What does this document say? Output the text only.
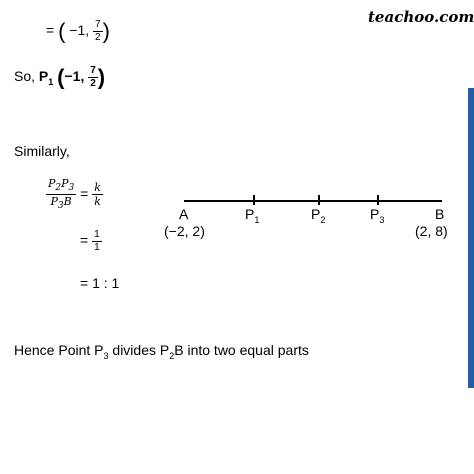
teachoo.com
= ( −1, $\frac{7}{2}$ )
So, $P_1$ (−1, $\frac{7}{2}$ )
Similarly,
$\frac{P_2P_3}{P_3B} = \frac{k}{k}$
= $\frac{1}{1}$
= 1 : 1
A
(−2, 2)
$P_1$	$P_2$	$P_3$	B
(2, 8)
Hence Point $P_3$ divides $P_2B$ into two equal parts
